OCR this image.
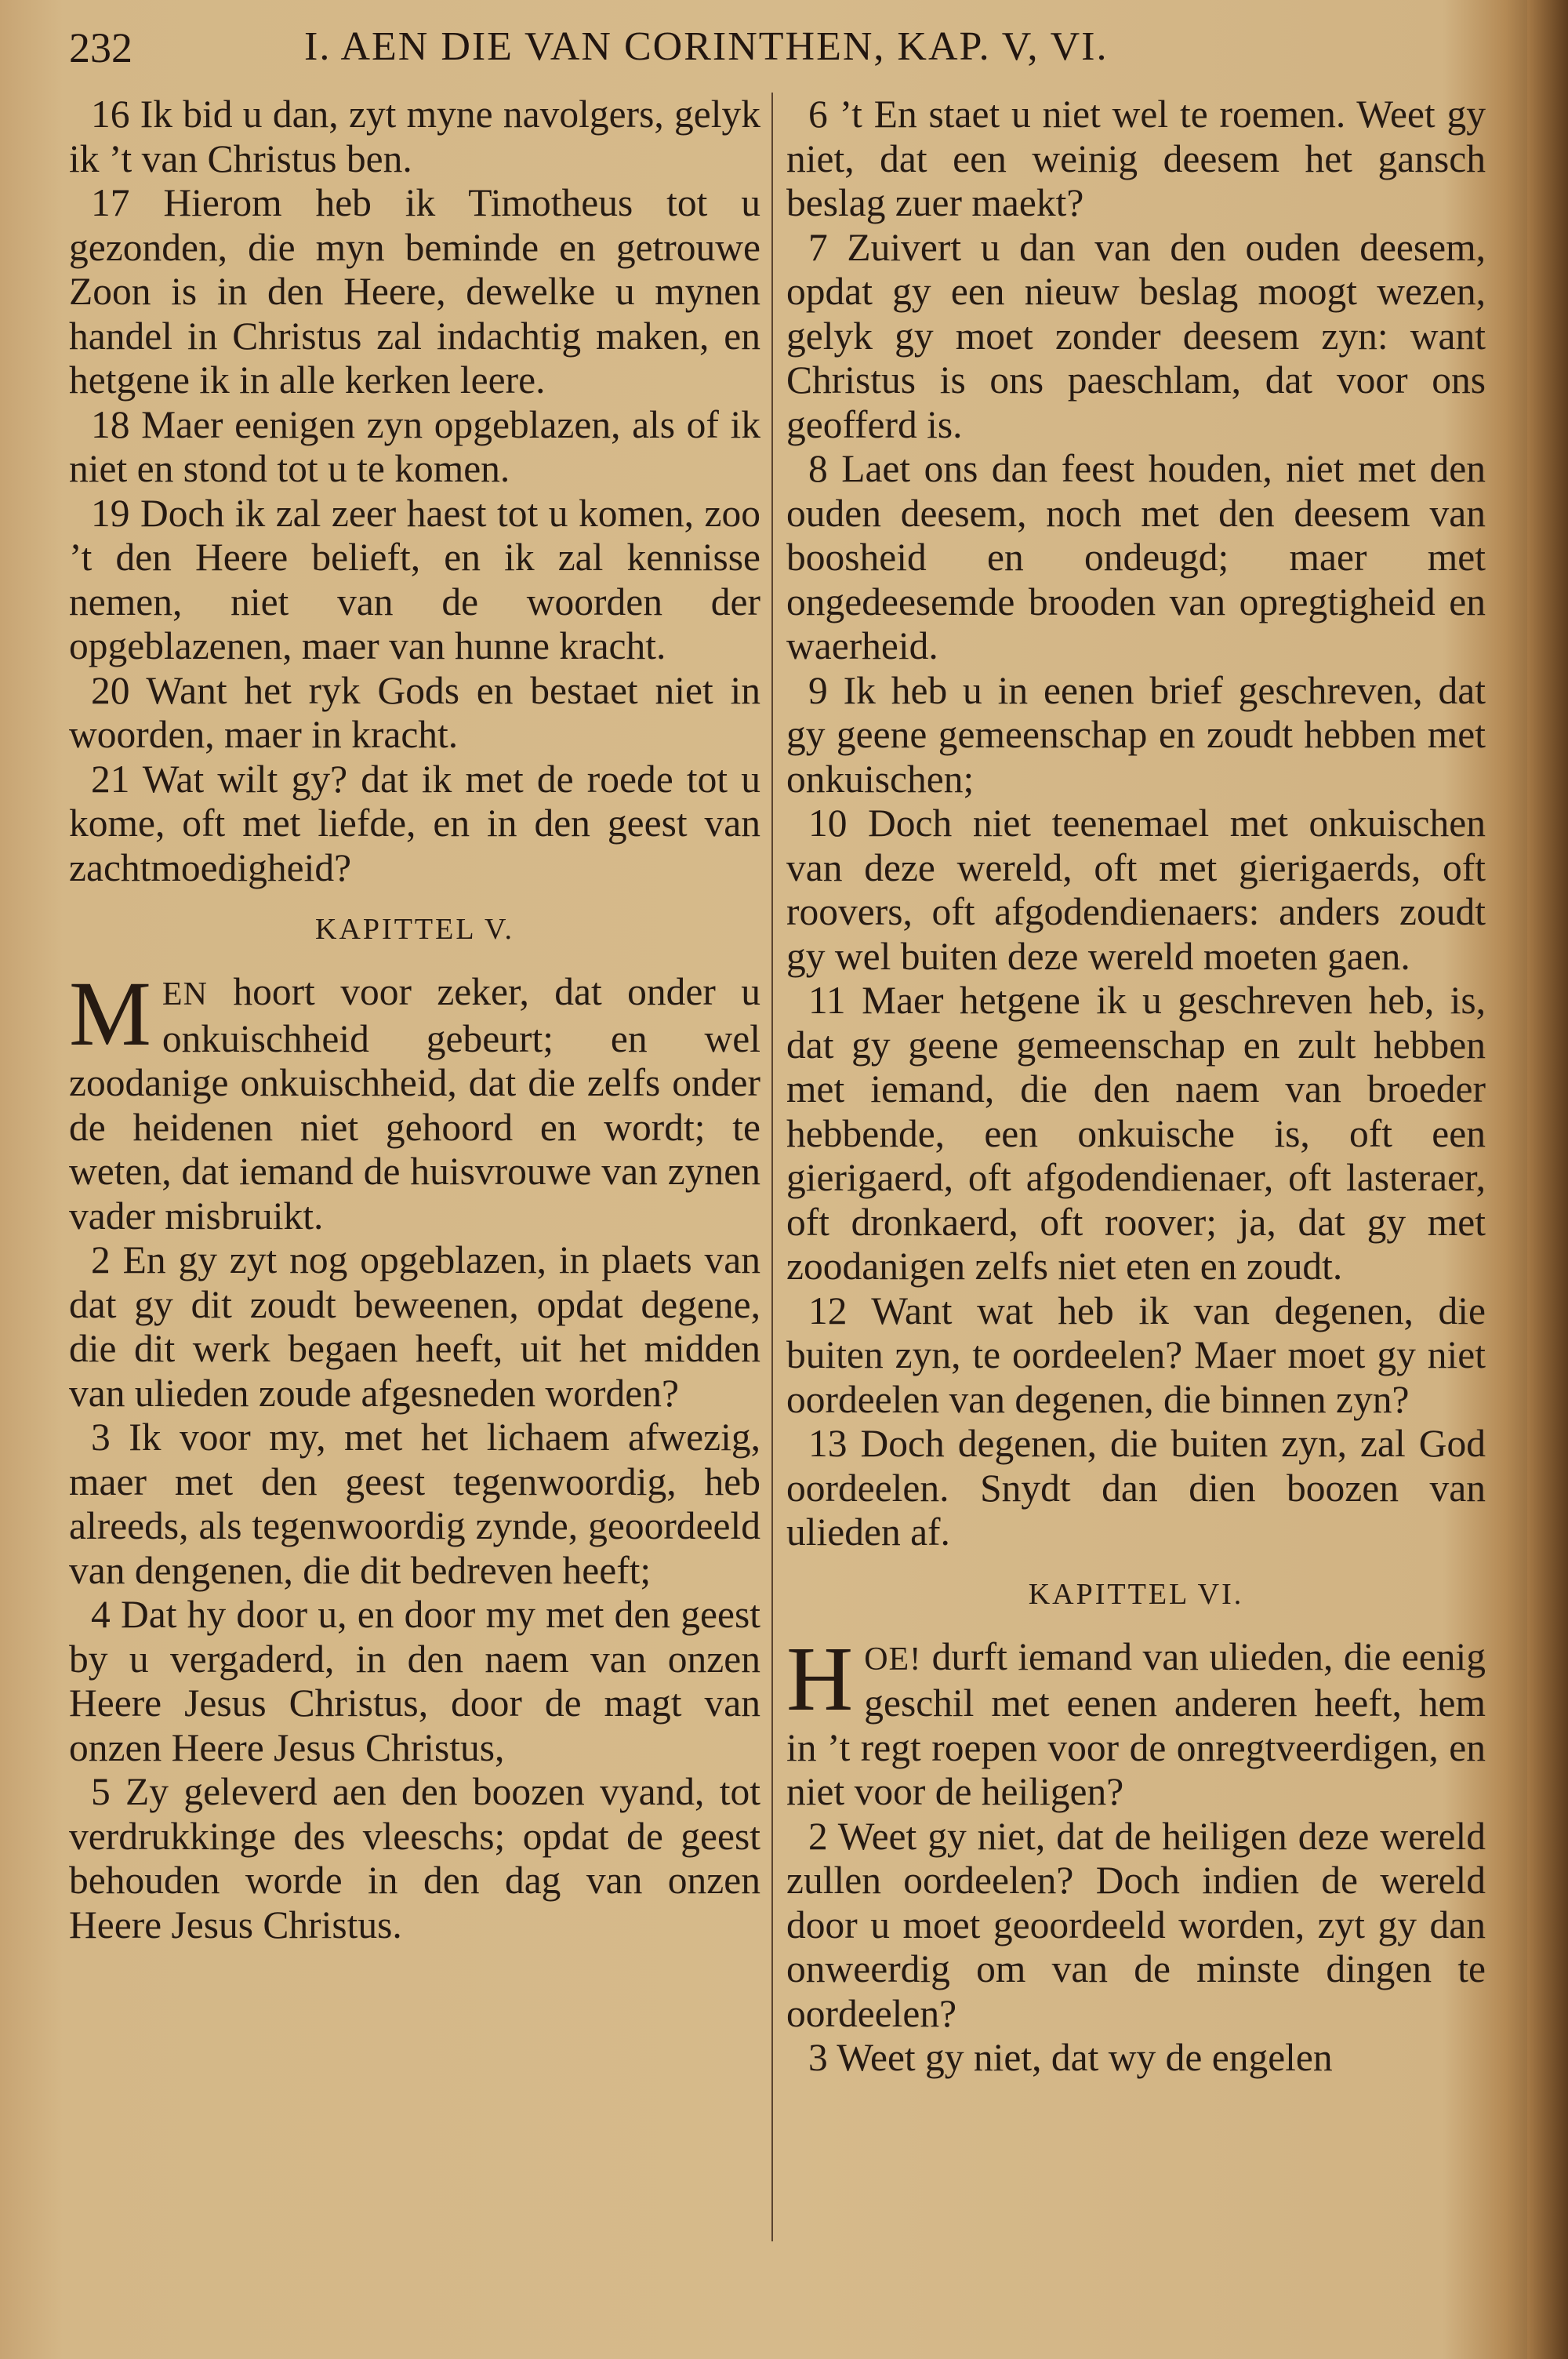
232	I. AEN DIE VAN CORINTHEN, KAP. V, VI.

16 Ik bid u dan, zyt myne navolgers, gelyk ik ’t van Christus ben.

17 Hierom heb ik Timotheus tot u gezonden, die myn beminde en getrouwe Zoon is in den Heere, dewelke u mynen handel in Christus zal indachtig maken, en hetgene ik in alle kerken leere.

18 Maer eenigen zyn opgeblazen, als of ik niet en stond tot u te komen.

19 Doch ik zal zeer haest tot u komen, zoo ’t den Heere belieft, en ik zal kennisse nemen, niet van de woorden der opgeblazenen, maer van hunne kracht.

20 Want het ryk Gods en bestaet niet in woorden, maer in kracht.

21 Wat wilt gy? dat ik met de roede tot u kome, oft met liefde, en in den geest van zachtmoedigheid?

KAPITTEL V.

MEN hoort voor zeker, dat onder u onkuischheid gebeurt; en wel zoodanige onkuischheid, dat die zelfs onder de heidenen niet gehoord en wordt; te weten, dat iemand de huisvrouwe van zynen vader misbruikt.

2 En gy zyt nog opgeblazen, in plaets van dat gy dit zoudt beweenen, opdat degene, die dit werk begaen heeft, uit het midden van ulieden zoude afgesneden worden?

3 Ik voor my, met het lichaem afwezig, maer met den geest tegenwoordig, heb alreeds, als tegenwoordig zynde, geoordeeld van dengenen, die dit bedreven heeft;

4 Dat hy door u, en door my met den geest by u vergaderd, in den naem van onzen Heere Jesus Christus, door de magt van onzen Heere Jesus Christus,

5 Zy geleverd aen den boozen vyand, tot verdrukkinge des vleeschs; opdat de geest behouden worde in den dag van onzen Heere Jesus Christus.

6 ’t En staet u niet wel te roemen. Weet gy niet, dat een weinig deesem het gansch beslag zuer maekt?

7 Zuivert u dan van den ouden deesem, opdat gy een nieuw beslag moogt wezen, gelyk gy moet zonder deesem zyn: want Christus is ons paeschlam, dat voor ons geofferd is.

8 Laet ons dan feest houden, niet met den ouden deesem, noch met den deesem van boosheid en ondeugd; maer met ongedeesemde brooden van opregtigheid en waerheid.

9 Ik heb u in eenen brief geschreven, dat gy geene gemeenschap en zoudt hebben met onkuischen;

10 Doch niet teenemael met onkuischen van deze wereld, oft met gierigaerds, oft roovers, oft afgodendienaers: anders zoudt gy wel buiten deze wereld moeten gaen.

11 Maer hetgene ik u geschreven heb, is, dat gy geene gemeenschap en zult hebben met iemand, die den naem van broeder hebbende, een onkuische is, oft een gierigaerd, oft afgodendienaer, oft lasteraer, oft dronkaerd, oft roover; ja, dat gy met zoodanigen zelfs niet eten en zoudt.

12 Want wat heb ik van degenen, die buiten zyn, te oordeelen? Maer moet gy niet oordeelen van degenen, die binnen zyn?

13 Doch degenen, die buiten zyn, zal God oordeelen. Snydt dan dien boozen van ulieden af.

KAPITTEL VI.

HOE! durft iemand van ulieden, die eenig geschil met eenen anderen heeft, hem in ’t regt roepen voor de onregtveerdigen, en niet voor de heiligen?

2 Weet gy niet, dat de heiligen deze wereld zullen oordeelen? Doch indien de wereld door u moet geoordeeld worden, zyt gy dan onweerdig om van de minste dingen te oordeelen?

3 Weet gy niet, dat wy de engelen
